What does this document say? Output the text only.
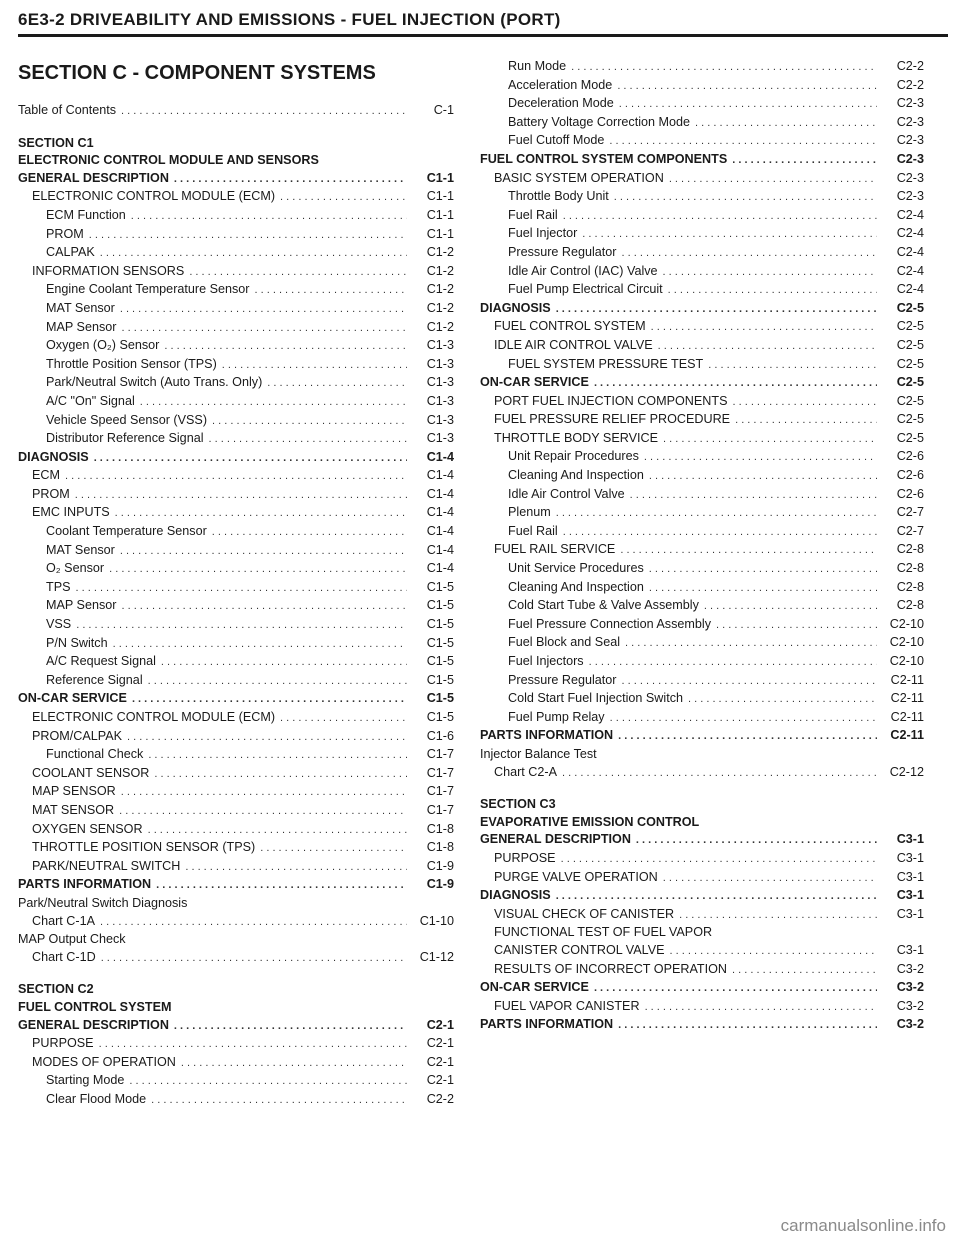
6E3-2 DRIVEABILITY AND EMISSIONS - FUEL INJECTION (PORT)
SECTION C - COMPONENT SYSTEMS
Table of Contents . . .	C-1
SECTION C1
ELECTRONIC CONTROL MODULE AND SENSORS
GENERAL DESCRIPTION . . .	C1-1
ELECTRONIC CONTROL MODULE (ECM) . . .	C1-1
ECM Function . . .	C1-1
PROM . . .	C1-1
CALPAK . . .	C1-2
INFORMATION SENSORS . . .	C1-2
Engine Coolant Temperature Sensor . . .	C1-2
MAT Sensor . . .	C1-2
MAP Sensor . . .	C1-2
Oxygen (O₂) Sensor . . .	C1-3
Throttle Position Sensor (TPS) . . .	C1-3
Park/Neutral Switch (Auto Trans. Only) . . .	C1-3
A/C "On" Signal . . .	C1-3
Vehicle Speed Sensor (VSS) . . .	C1-3
Distributor Reference Signal . . .	C1-3
DIAGNOSIS . . .	C1-4
ECM . . .	C1-4
PROM . . .	C1-4
EMC INPUTS . . .	C1-4
Coolant Temperature Sensor . . .	C1-4
MAT Sensor . . .	C1-4
O₂ Sensor . . .	C1-4
TPS . . .	C1-5
MAP Sensor . . .	C1-5
VSS . . .	C1-5
P/N Switch . . .	C1-5
A/C Request Signal . . .	C1-5
Reference Signal . . .	C1-5
ON-CAR SERVICE . . .	C1-5
ELECTRONIC CONTROL MODULE (ECM) . . .	C1-5
PROM/CALPAK . . .	C1-6
Functional Check . . .	C1-7
COOLANT SENSOR . . .	C1-7
MAP SENSOR . . .	C1-7
MAT SENSOR . . .	C1-7
OXYGEN SENSOR . . .	C1-8
THROTTLE POSITION SENSOR (TPS) . . .	C1-8
PARK/NEUTRAL SWITCH . . .	C1-9
PARTS INFORMATION . . .	C1-9
Park/Neutral Switch Diagnosis
Chart C-1A . . .	C1-10
MAP Output Check
Chart C-1D . . .	C1-12
SECTION C2
FUEL CONTROL SYSTEM
GENERAL DESCRIPTION . . .	C2-1
PURPOSE . . .	C2-1
MODES OF OPERATION . . .	C2-1
Starting Mode . . .	C2-1
Clear Flood Mode . . .	C2-2
Run Mode . . .	C2-2
Acceleration Mode . . .	C2-2
Deceleration Mode . . .	C2-3
Battery Voltage Correction Mode . . .	C2-3
Fuel Cutoff Mode . . .	C2-3
FUEL CONTROL SYSTEM COMPONENTS . . .	C2-3
BASIC SYSTEM OPERATION . . .	C2-3
Throttle Body Unit . . .	C2-3
Fuel Rail . . .	C2-4
Fuel Injector . . .	C2-4
Pressure Regulator . . .	C2-4
Idle Air Control (IAC) Valve . . .	C2-4
Fuel Pump Electrical Circuit . . .	C2-4
DIAGNOSIS . . .	C2-5
FUEL CONTROL SYSTEM . . .	C2-5
IDLE AIR CONTROL VALVE . . .	C2-5
FUEL SYSTEM PRESSURE TEST . . .	C2-5
ON-CAR SERVICE . . .	C2-5
PORT FUEL INJECTION COMPONENTS . . .	C2-5
FUEL PRESSURE RELIEF PROCEDURE . . .	C2-5
THROTTLE BODY SERVICE . . .	C2-5
Unit Repair Procedures . . .	C2-6
Cleaning And Inspection . . .	C2-6
Idle Air Control Valve . . .	C2-6
Plenum . . .	C2-7
Fuel Rail . . .	C2-7
FUEL RAIL SERVICE . . .	C2-8
Unit Service Procedures . . .	C2-8
Cleaning And Inspection . . .	C2-8
Cold Start Tube & Valve Assembly . . .	C2-8
Fuel Pressure Connection Assembly . . .	C2-10
Fuel Block and Seal . . .	C2-10
Fuel Injectors . . .	C2-10
Pressure Regulator . . .	C2-11
Cold Start Fuel Injection Switch . . .	C2-11
Fuel Pump Relay . . .	C2-11
PARTS INFORMATION . . .	C2-11
Injector Balance Test
Chart C2-A . . .	C2-12
SECTION C3
EVAPORATIVE EMISSION CONTROL
GENERAL DESCRIPTION . . .	C3-1
PURPOSE . . .	C3-1
PURGE VALVE OPERATION . . .	C3-1
DIAGNOSIS . . .	C3-1
VISUAL CHECK OF CANISTER . . .	C3-1
FUNCTIONAL TEST OF FUEL VAPOR
CANISTER CONTROL VALVE . . .	C3-1
RESULTS OF INCORRECT OPERATION . . .	C3-2
ON-CAR SERVICE . . .	C3-2
FUEL VAPOR CANISTER . . .	C3-2
PARTS INFORMATION . . .	C3-2
carmanualsonline.info
